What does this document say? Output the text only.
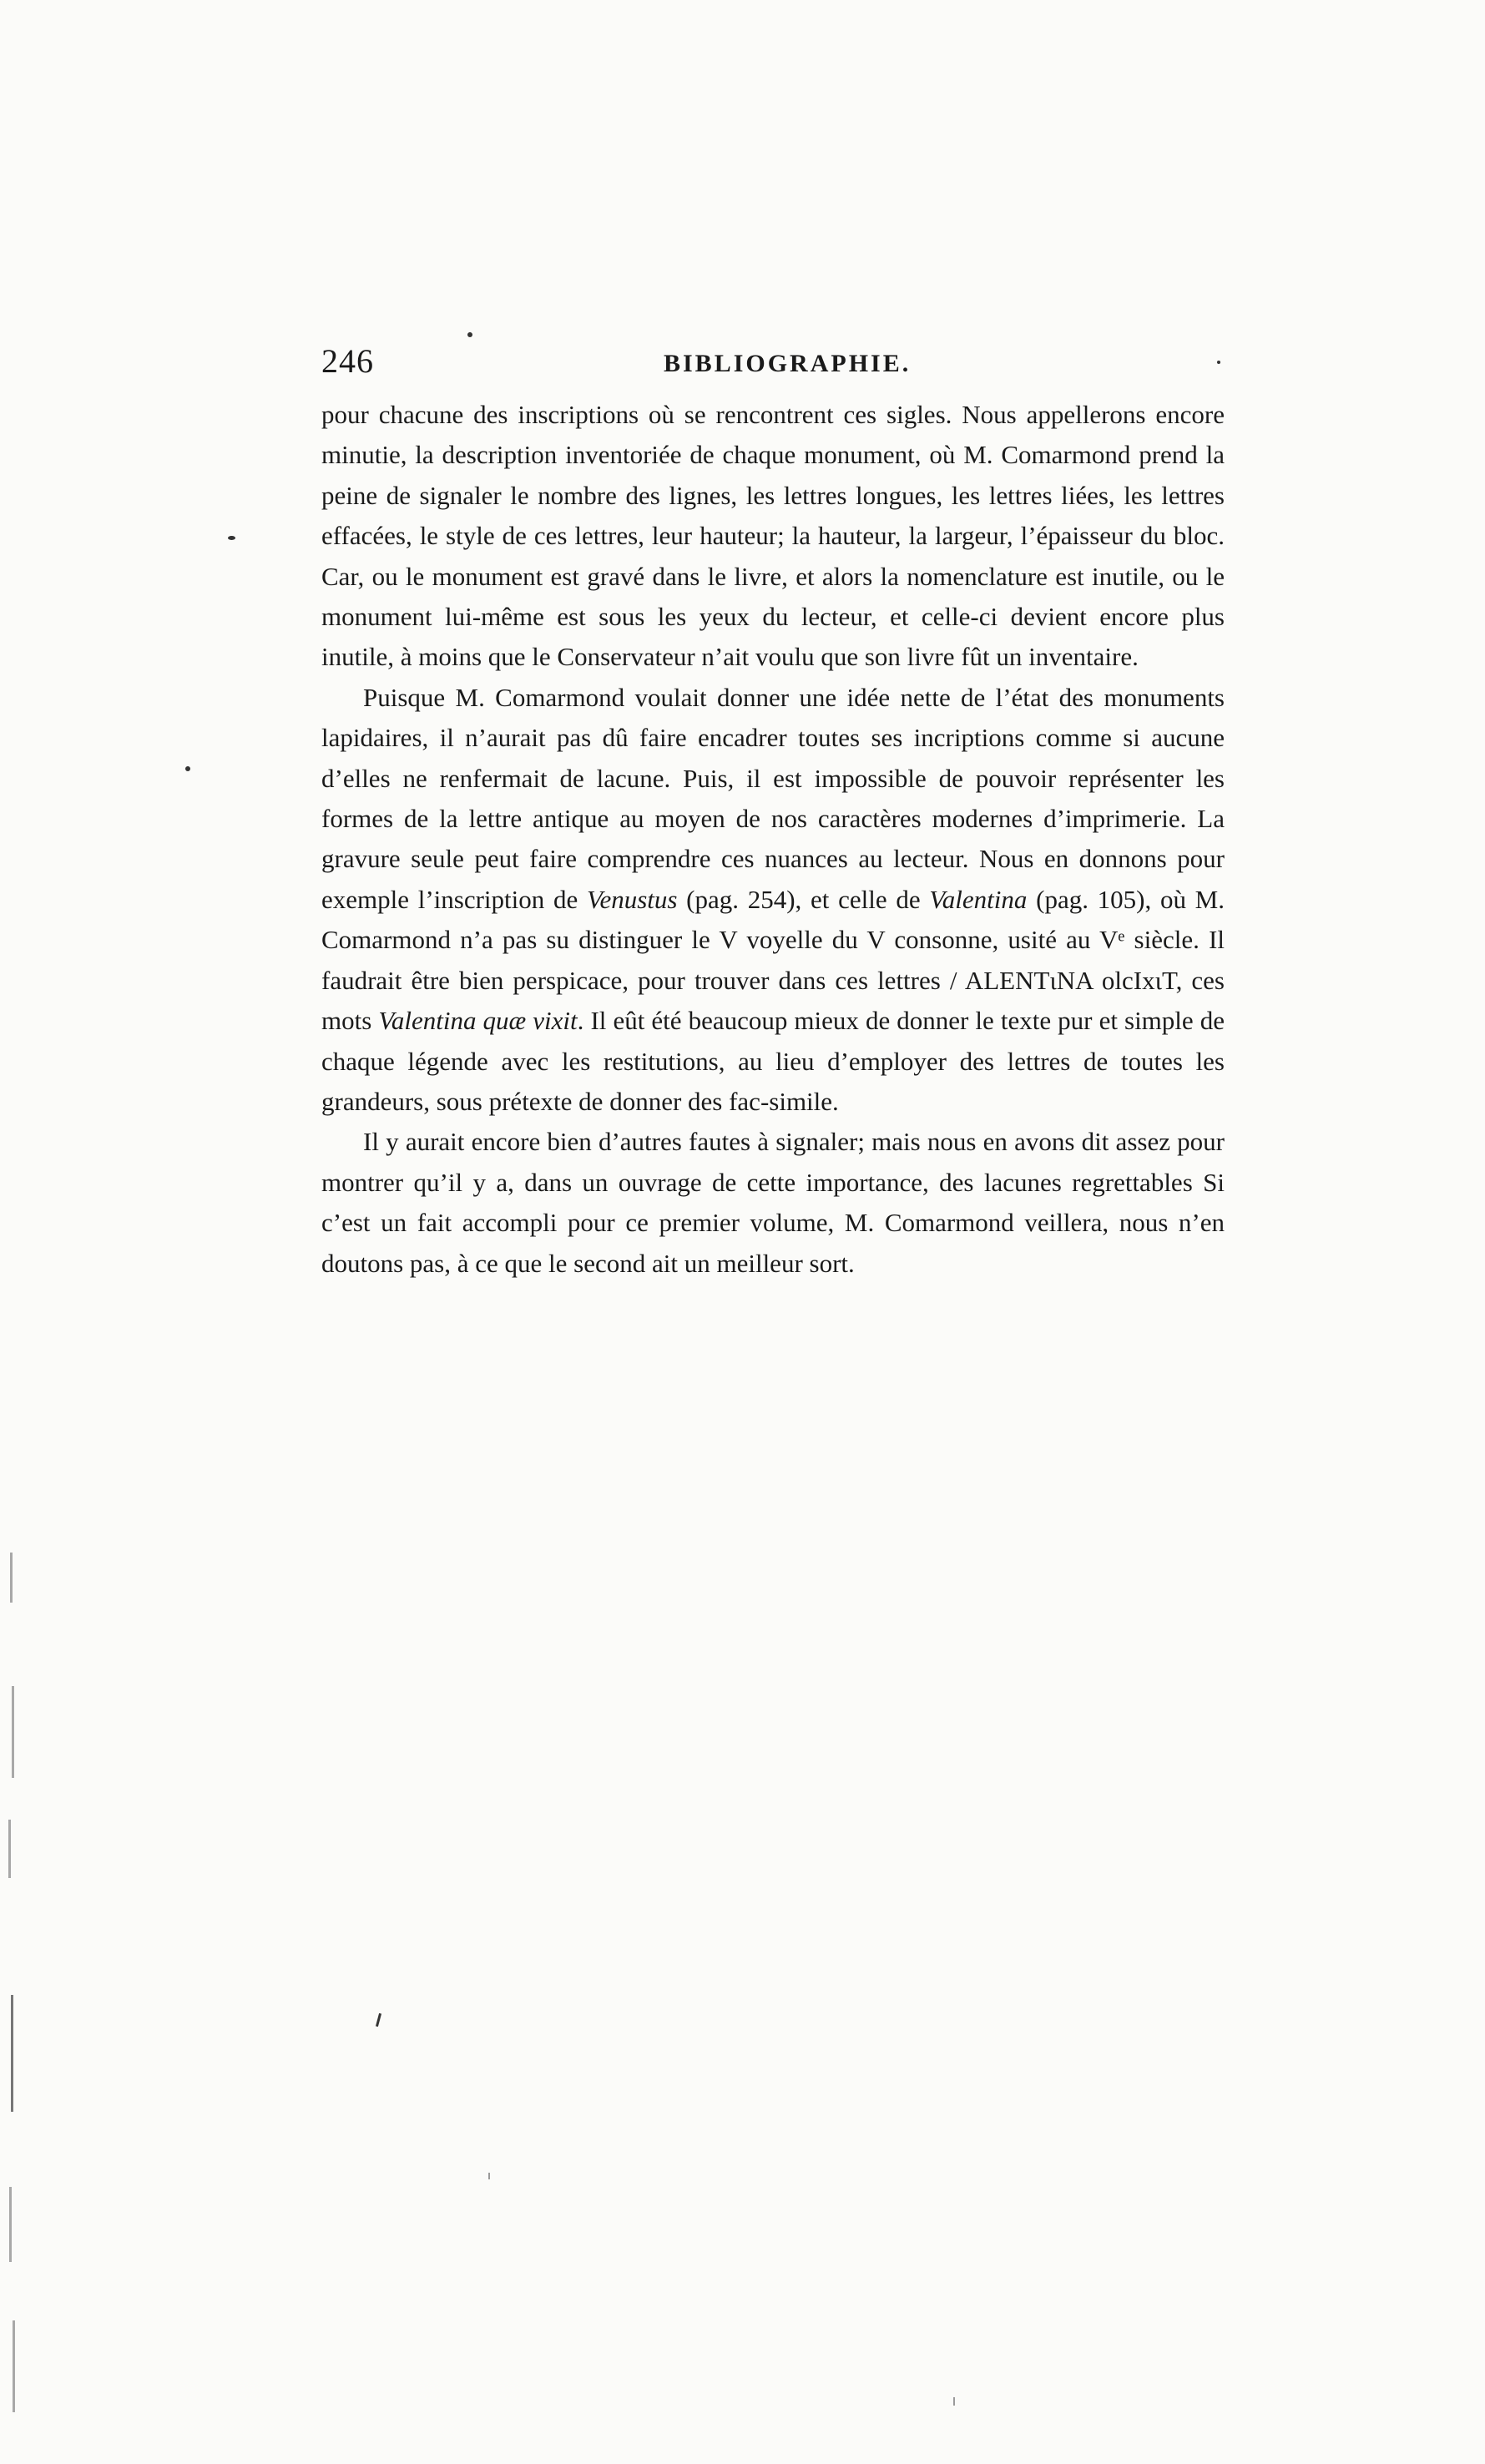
246	BIBLIOGRAPHIE.

pour chacune des inscriptions où se rencontrent ces sigles. Nous appellerons encore minutie, la description inventoriée de chaque monument, où M. Comarmond prend la peine de signaler le nombre des lignes, les lettres longues, les lettres liées, les lettres effacées, le style de ces lettres, leur hauteur; la hauteur, la largeur, l’épaisseur du bloc. Car, ou le monument est gravé dans le livre, et alors la nomenclature est inutile, ou le monument lui-même est sous les yeux du lecteur, et celle-ci devient encore plus inutile, à moins que le Conservateur n’ait voulu que son livre fût un inventaire.

Puisque M. Comarmond voulait donner une idée nette de l’état des monuments lapidaires, il n’aurait pas dû faire encadrer toutes ses incriptions comme si aucune d’elles ne renfermait de lacune. Puis, il est impossible de pouvoir représenter les formes de la lettre antique au moyen de nos caractères modernes d’imprimerie. La gravure seule peut faire comprendre ces nuances au lecteur. Nous en donnons pour exemple l’inscription de Venustus (pag. 254), et celle de Valentina (pag. 105), où M. Comarmond n’a pas su distinguer le V voyelle du V consonne, usité au Vᵉ siècle. Il faudrait être bien perspicace, pour trouver dans ces lettres / ALENTιNA οlcIxιT, ces mots Valentina quæ vixit. Il eût été beaucoup mieux de donner le texte pur et simple de chaque légende avec les restitutions, au lieu d’employer des lettres de toutes les grandeurs, sous prétexte de donner des fac-simile.

Il y aurait encore bien d’autres fautes à signaler; mais nous en avons dit assez pour montrer qu’il y a, dans un ouvrage de cette importance, des lacunes regrettables Si c’est un fait accompli pour ce premier volume, M. Comarmond veillera, nous n’en doutons pas, à ce que le second ait un meilleur sort.
